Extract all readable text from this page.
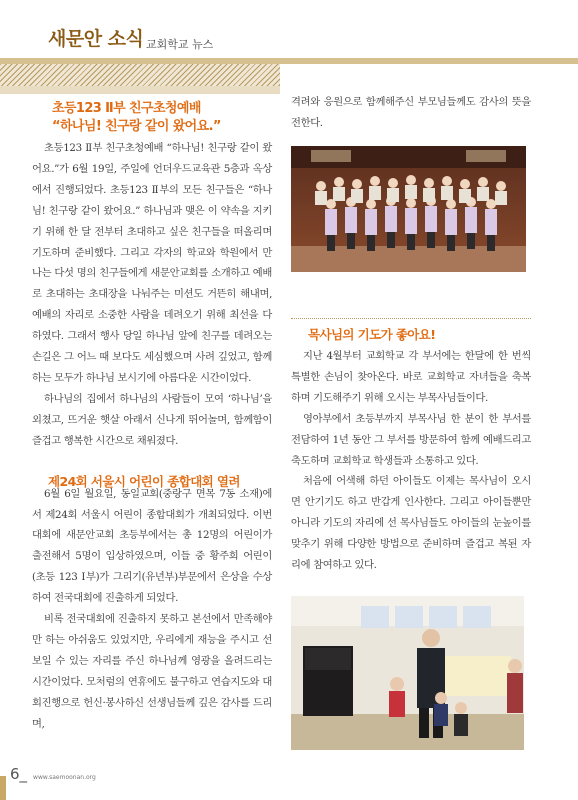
새문안 소식 교회학교 뉴스
초등123 Ⅱ부 친구초청예배
“하나님! 친구랑 같이 왔어요.”

초등123 Ⅱ부 친구초청예배 “하나님! 친구랑 같이 왔어요.”가 6월 19일, 주일에 언더우드교육관 5층과 옥상에서 진행되었다. 초등123 Ⅱ부의 모든 친구들은 “하나님! 친구랑 같이 왔어요.” 하나님과 맺은 이 약속을 지키기 위해 한 달 전부터 초대하고 싶은 친구들을 떠올리며 기도하며 준비했다. 그리고 각자의 학교와 학원에서 만나는 다섯 명의 친구들에게 새문안교회를 소개하고 예배로 초대하는 초대장을 나눠주는 미션도 거뜬히 해내며, 예배의 자리로 소중한 사람을 데려오기 위해 최선을 다하였다. 그래서 행사 당일 하나님 앞에 친구를 데려오는 손길은 그 어느 때 보다도 세심했으며 사려 깊었고, 함께하는 모두가 하나님 보시기에 아름다운 시간이었다.

하나님의 집에서 하나님의 사람들이 모여 ‘하나님’을 외쳤고, 뜨거운 햇살 아래서 신나게 뛰어놀며, 함께함이 즐겁고 행복한 시간으로 채워졌다.

6월 6일 월요일, 동일교회(중랑구 면목 7동 소재)에서 제24회 서울시 어린이 종합대회가 개최되었다. 이번 대회에 새문안교회 초등부에서는 총 12명의 어린이가 출전해서 5명이 입상하였으며, 이들 중 황주희 어린이(초등 123 Ⅰ부)가 그리기(유년부)부문에서 은상을 수상하여 전국대회에 진출하게 되었다.

비록 전국대회에 진출하지 못하고 본선에서 만족해야만 하는 아쉬움도 있었지만, 우리에게 재능을 주시고 선보일 수 있는 자리를 주신 하나님께 영광을 올려드리는 시간이었다. 모처럼의 연휴에도 불구하고 연습지도와 대회진행으로 헌신·봉사하신 선생님들께 깊은 감사를 드리며,

제24회 서울시 어린이 종합대회 열려

격려와 응원으로 함께해주신 부모님들께도 감사의 뜻을 전한다.

목사님의 기도가 좋아요!

지난 4월부터 교회학교 각 부서에는 한달에 한 번씩 특별한 손님이 찾아온다. 바로 교회학교 자녀들을 축복하며 기도해주기 위해 오시는 부목사님들이다.

영아부에서 초등부까지 부목사님 한 분이 한 부서를 전담하여 1년 동안 그 부서를 방문하여 함께 예배드리고 축도하며 교회학교 학생들과 소통하고 있다.

처음에 어색해 하던 아이들도 이제는 목사님이 오시면 안기기도 하고 반갑게 인사한다. 그리고 아이들뿐만 아니라 기도의 자리에 선 목사님들도 아이들의 눈높이를 맞추기 위해 다양한 방법으로 준비하며 즐겁고 복된 자리에 참여하고 있다.

6_ www.saemoonan.org
